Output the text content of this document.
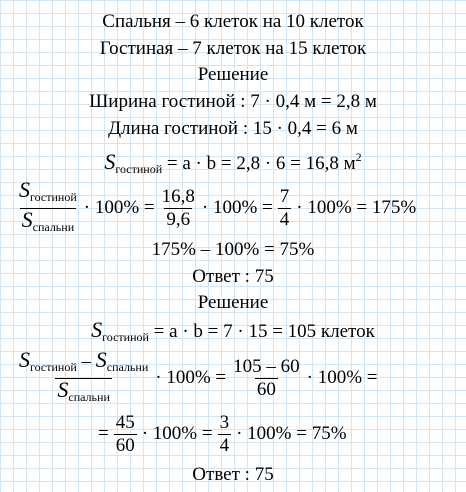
Спальня – 6 клеток на 10 клеток
Гостиная – 7 клеток на 15 клеток
Решение
Ширина гостиной : 7 · 0,4 м = 2,8 м
Длина гостиной : 15 · 0,4 = 6 м
$S_{гостиной} = a \cdot b = 2,8 \cdot 6 = 16,8$ $м^2$
$\frac{S_{гостиной}}{S_{спальни}} \cdot 100\% = \frac{16,8}{9,6} \cdot 100\% = \frac{7}{4} \cdot 100\% = 175\%$
175% – 100% = 75%
Ответ : 75
Решение
$S_{гостиной} = a \cdot b = 7 \cdot 15 = 105$ клеток
$\frac{S_{гостиной} - S_{спальни}}{S_{спальни}} \cdot 100\% = \frac{105 - 60}{60} \cdot 100\%$ =
= $\frac{45}{60} \cdot 100\% = \frac{3}{4} \cdot 100\% = 75\%$
Ответ : 75
